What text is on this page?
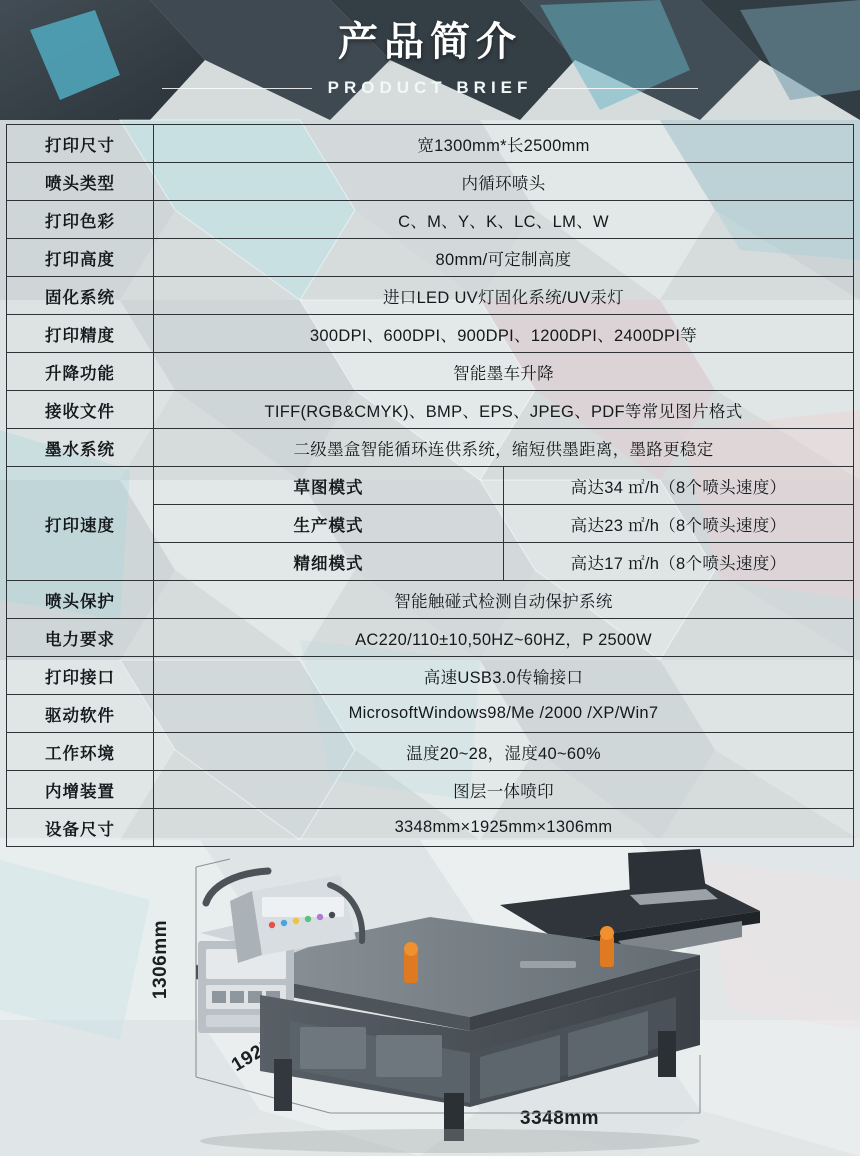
1306mm
3348mm
产品简介
PRODUCT BRIEF
打印尺寸	宽1300mm*长2500mm	
喷头类型	内循环喷头	
打印色彩	C、M、Y、K、LC、LM、W	
打印高度	80mm/可定制高度	
固化系统	进口LED UV灯固化系统/UV汞灯	
打印精度	300DPI、600DPI、900DPI、1200DPI、2400DPI等	
升降功能	智能墨车升降	
接收文件	TIFF(RGB&CMYK)、BMP、EPS、JPEG、PDF等常见图片格式	
墨水系统	二级墨盒智能循环连供系统，缩短供墨距离，墨路更稳定	
打印速度	草图模式	高达34 ㎡/h（8个喷头速度）
	生产模式	高达23 ㎡/h（8个喷头速度）
	精细模式	高达17 ㎡/h（8个喷头速度）
喷头保护	智能触碰式检测自动保护系统	
电力要求	AC220/110±10,50HZ~60HZ，P 2500W	
打印接口	高速USB3.0传输接口	
驱动软件	MicrosoftWindows98/Me /2000 /XP/Win7	
工作环境	温度20~28，湿度40~60%	
内增装置	图层一体喷印	
设备尺寸	3348mm×1925mm×1306mm	
